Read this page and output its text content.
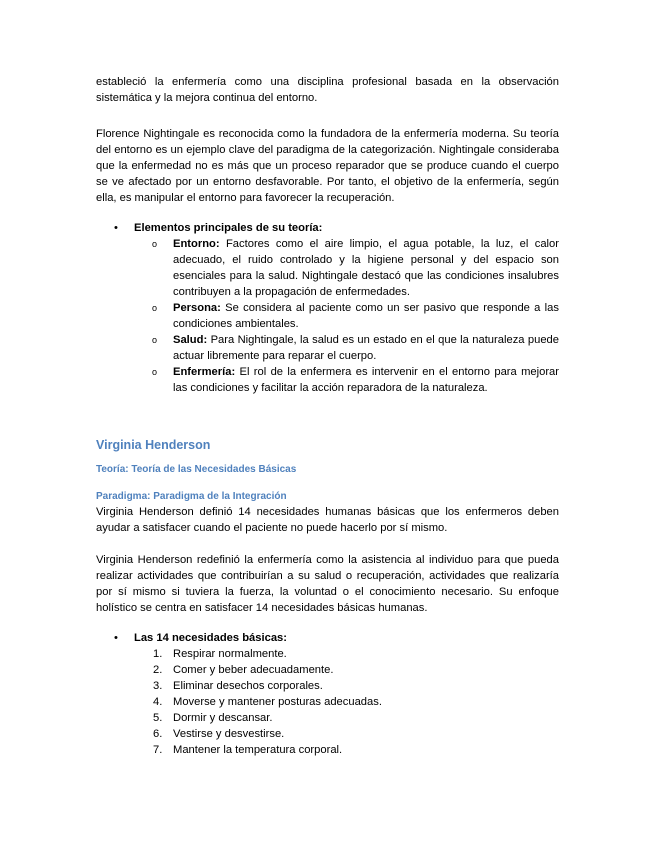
estableció la enfermería como una disciplina profesional basada en la observación sistemática y la mejora continua del entorno.

Florence Nightingale es reconocida como la fundadora de la enfermería moderna. Su teoría del entorno es un ejemplo clave del paradigma de la categorización. Nightingale consideraba que la enfermedad no es más que un proceso reparador que se produce cuando el cuerpo se ve afectado por un entorno desfavorable. Por tanto, el objetivo de la enfermería, según ella, es manipular el entorno para favorecer la recuperación.

• Elementos principales de su teoría:
o Entorno: Factores como el aire limpio, el agua potable, la luz, el calor adecuado, el ruido controlado y la higiene personal y del espacio son esenciales para la salud. Nightingale destacó que las condiciones insalubres contribuyen a la propagación de enfermedades.
o Persona: Se considera al paciente como un ser pasivo que responde a las condiciones ambientales.
o Salud: Para Nightingale, la salud es un estado en el que la naturaleza puede actuar libremente para reparar el cuerpo.
o Enfermería: El rol de la enfermera es intervenir en el entorno para mejorar las condiciones y facilitar la acción reparadora de la naturaleza.
Virginia Henderson
Teoría: Teoría de las Necesidades Básicas
Paradigma: Paradigma de la Integración

Virginia Henderson definió 14 necesidades humanas básicas que los enfermeros deben ayudar a satisfacer cuando el paciente no puede hacerlo por sí mismo.

Virginia Henderson redefinió la enfermería como la asistencia al individuo para que pueda realizar actividades que contribuirían a su salud o recuperación, actividades que realizaría por sí mismo si tuviera la fuerza, la voluntad o el conocimiento necesario. Su enfoque holístico se centra en satisfacer 14 necesidades básicas humanas.

• Las 14 necesidades básicas:
1. Respirar normalmente.
2. Comer y beber adecuadamente.
3. Eliminar desechos corporales.
4. Moverse y mantener posturas adecuadas.
5. Dormir y descansar.
6. Vestirse y desvestirse.
7. Mantener la temperatura corporal.
